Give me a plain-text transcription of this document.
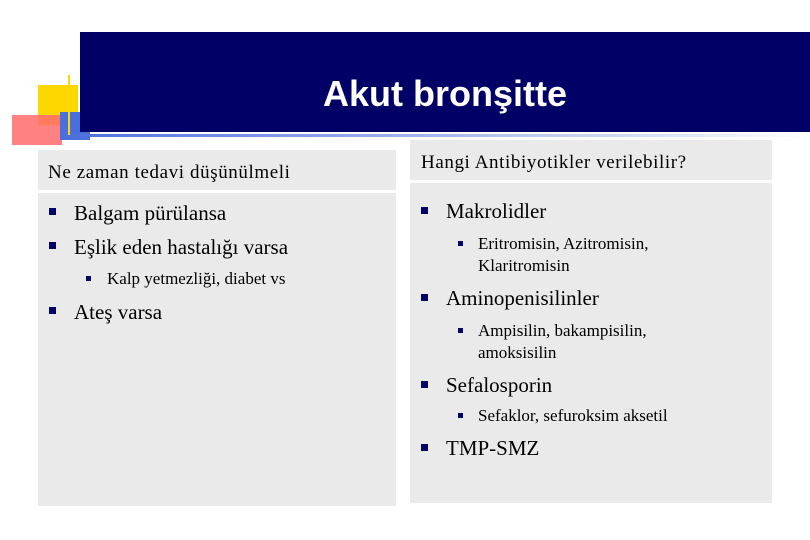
Akut bronşitte
Ne zaman tedavi düşünülmeli
Balgam pürülansa
Eşlik eden hastalığı varsa
Kalp yetmezliği, diabet vs
Ateş varsa
Hangi Antibiyotikler verilebilir?
Makrolidler
Eritromisin, Azitromisin,
Klaritromisin
Aminopenisilinler
Ampisilin, bakampisilin,
amoksisilin
Sefalosporin
Sefaklor, sefuroksim aksetil
TMP-SMZ
